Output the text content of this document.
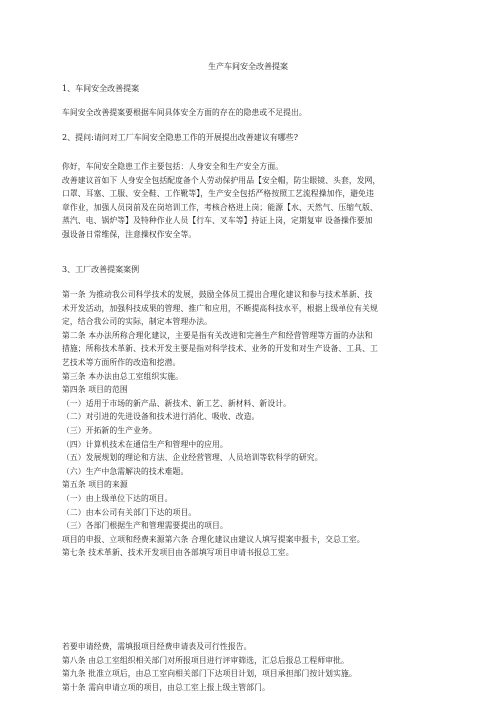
生产车间安全改善提案
1、车间安全改善提案
车间安全改善提案要根据车间具体安全方面的存在的隐患或不足提出。
2、提问:请问对工厂车间安全隐患工作的开展提出改善建议有哪些?
你好，车间安全隐患工作主要包括：人身安全和生产安全方面。
改善建议首如下 人身安全包括配度备个人劳动保护用品【安全帽，防尘眼镜、头套，发网，
口罩、耳塞、工服、安全鞋、工作靴等】，生产安全包括严格按照工艺流程操加作，避免违
章作业，加强人员岗前及在岗培训工作，考核合格进上岗；能源【水、天然气、压缩气版、
蒸汽、电、锅炉等】及特种作业人员【行车、叉车等】持证上岗，定期复审 设备操作要加
强设备日常维保，注意操权作安全等。
3、工厂改善提案案例
第一条 为推动我公司科学技术的发展，鼓励全体员工提出合理化建议和参与技术革新、技
术开发活动，加强科技成果的管理、推广和应用，不断提高科技水平，根据上级单位有关规
定，结合我公司的实际，制定本管理办法。
第二条 本办法所称合理化建议，主要是指有关改进和完善生产和经营管理等方面的办法和
措施；所称技术革新、技术开发主要是指对科学技术、业务的开发和对生产设备、工具、工
艺技术等方面所作的改造和挖潜。
第三条 本办法由总工室组织实施。
第四条 项目的范围
（一）适用于市场的新产品、新技术、新工艺、新材料、新设计。
（二）对引进的先进设备和技术进行消化、吸收、改造。
（三）开拓新的生产业务。
（四）计算机技术在通信生产和管理中的应用。
（五）发展规划的理论和方法、企业经营管理、人员培训等软科学的研究。
（六）生产中急需解决的技术难题。
第五条 项目的来源
（一）由上级单位下达的项目。
（二）由本公司有关部门下达的项目。
（三）各部门根据生产和管理需要提出的项目。
项目的申报、立项和经费来源第六条 合理化建议由建议人填写提案申报卡，交总工室。
第七条 技术革新、技术开发项目由各部填写项目申请书报总工室。
若要申请经费，需填报项目经费申请表及可行性报告。
第八条 由总工室组织相关部门对所报项目进行评审筛选，汇总后报总工程师审批。
第九条 批准立项后，由总工室向相关部门下达项目计划，项目承担部门按计划实施。
第十条 需向申请立项的项目，由总工室上报上级主管部门。
